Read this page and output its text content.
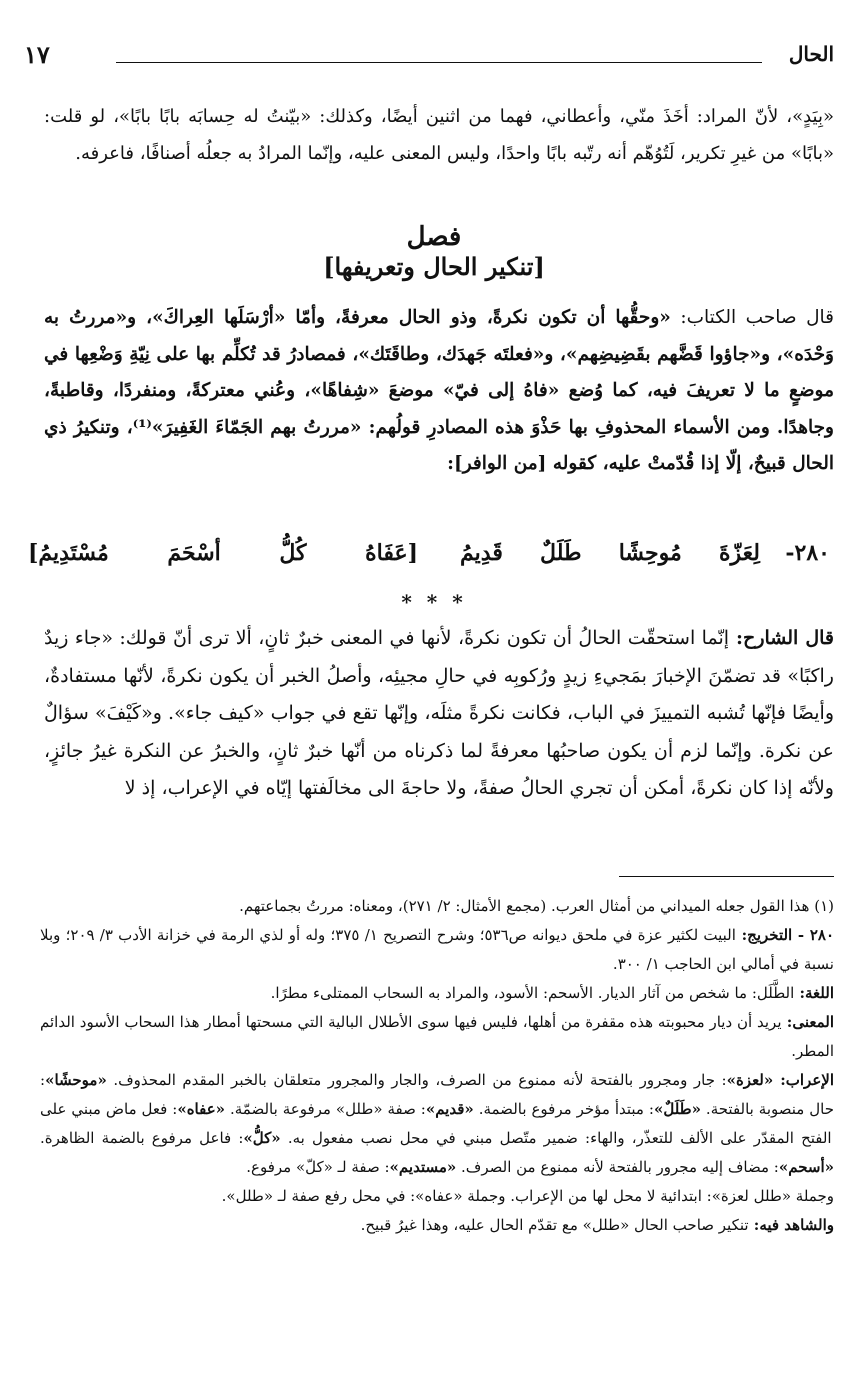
الحال
١٧
«بِيَدٍ»، لأنّ المراد: أخَذَ منّي، وأعطاني، فهما من اثنين أيضًا، وكذلك: «بيّنتُ له حِسابَه بابًا بابًا»، لو قلت: «بابًا» من غيرِ تكرير، لَتُوُهّم أنه رتّبه بابًا واحدًا، وليس المعنى عليه، وإنّما المرادُ به جعلُه أصنافًا، فاعرفه.
فصل
[تنكير الحال وتعريفها]
قال صاحب الكتاب: «وحقُّها أن تكون نكرةً، وذو الحال معرفةً، وأمّا «أرْسَلَها العِراكَ»، و«مررتُ به وَحْدَه»، و«جاؤوا قَضَّهم بقَضِيضِهم»، و«فعلتَه جَهدَك، وطاقَتَك»، فمصادرُ قد تُكلِّم بها على نِيّةِ وَضْعِها في موضعٍ ما لا تعريفَ فيه، كما وُضع «فاهُ إلى فيّ» موضعَ «شِفاهًا»، وعُني معتركةً، ومنفردًا، وقاطبةً، وجاهدًا. ومن الأسماء المحذوفِ بها حَذْوَ هذه المصادرِ قولُهم: «مررتُ بهم الجَمّاءَ الغَفِيرَ»⁽¹⁾، وتنكيرُ ذي الحال قبيحٌ، إلّا إذا قُدّمتْ عليه، كقوله [من الوافر]:
٢٨٠-
لِعَزّةَ مُوحِشًا طَلَلٌ قَدِيمُ
[عَفَاهُ كُلُّ أسْحَمَ مُسْتَدِيمُ]
* * *
قال الشارح: إنّما استحقّت الحالُ أن تكون نكرةً، لأنها في المعنى خبرٌ ثانٍ، ألا ترى أنّ قولك: «جاء زيدٌ راكبًا» قد تضمّنَ الإخبارَ بمَجيءِ زيدٍ ورُكوبِه في حالِ مجيئِه، وأصلُ الخبر أن يكون نكرةً، لأنّها مستفادةٌ، وأيضًا فإنّها تُشبه التمييزَ في الباب، فكانت نكرةً مثلَه، وإنّها تقع في جواب «كيف جاء». و«كَيْفَ» سؤالٌ عن نكرة. وإنّما لزم أن يكون صاحبُها معرفةً لما ذكرناه من أنّها خبرٌ ثانٍ، والخبرُ عن النكرة غيرُ جائزٍ، ولأنّه إذا كان نكرةً، أمكن أن تجري الحالُ صفةً، ولا حاجةَ الى مخالَفتها إيّاه في الإعراب، إذ لا

(١) هذا القول جعله الميداني من أمثال العرب. (مجمع الأمثال: ٢/ ٢٧١)، ومعناه: مررتُ بجماعتهم.

٢٨٠ - التخريج: البيت لكثير عزة في ملحق ديوانه ص٥٣٦؛ وشرح التصريح ١/ ٣٧٥؛ وله أو لذي الرمة في خزانة الأدب ٣/ ٢٠٩؛ وبلا نسبة في أمالي ابن الحاجب ١/ ٣٠٠.

اللغة: الطَّلَل: ما شخص من آثار الديار. الأسحم: الأسود، والمراد به السحاب الممتلىء مطرًا.

المعنى: يريد أن ديار محبوبته هذه مقفرة من أهلها، فليس فيها سوى الأطلال البالية التي مسحتها أمطار هذا السحاب الأسود الدائم المطر.

الإعراب: «لعزة»: جار ومجرور بالفتحة لأنه ممنوع من الصرف، والجار والمجرور متعلقان بالخبر المقدم المحذوف. «موحشًا»: حال منصوبة بالفتحة. «طَلَلٌ»: مبتدأ مؤخر مرفوع بالضمة. «قديم»: صفة «طلل» مرفوعة بالضمّة. «عفاه»: فعل ماض مبني على الفتح المقدّر على الألف للتعذّر، والهاء: ضمير متّصل مبني في محل نصب مفعول به. «كلُّ»: فاعل مرفوع بالضمة الظاهرة. «أسحم»: مضاف إليه مجرور بالفتحة لأنه ممنوع من الصرف. «مستديم»: صفة لـ «كلّ» مرفوع.

وجملة «طلل لعزة»: ابتدائية لا محل لها من الإعراب. وجملة «عفاه»: في محل رفع صفة لـ «طلل».

والشاهد فيه: تنكير صاحب الحال «طلل» مع تقدّم الحال عليه، وهذا غيرُ قبيح.
